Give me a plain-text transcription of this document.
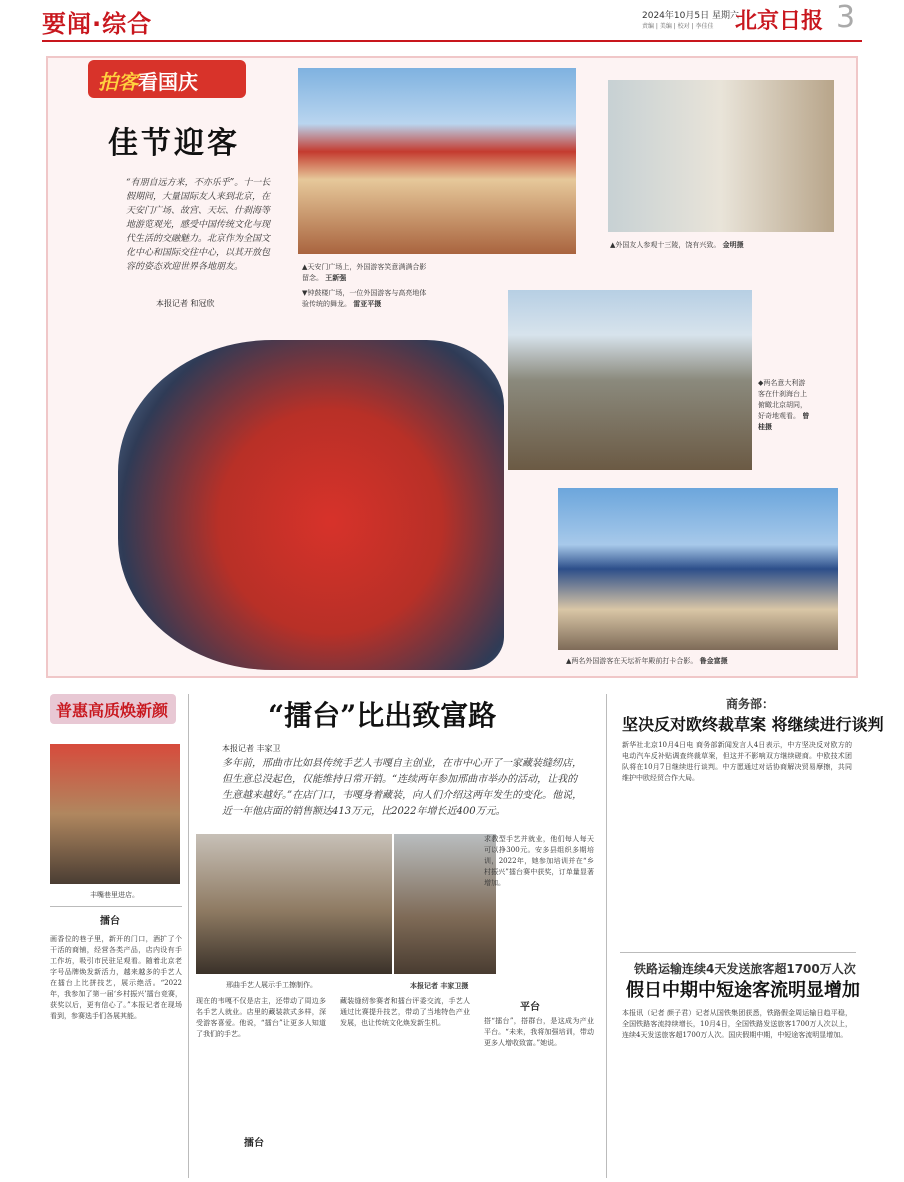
要闻·综合	2024年10月5日 星期六
责编 | 美编 | 校对 | 李佳佳 北京日报 3
拍客看国庆
佳节迎客
“有朋自远方来，不亦乐乎”。十一长假期间，大量国际友人来到北京，在天安门广场、故宫、天坛、什刹海等地游览观光，感受中国传统文化与现代生活的交融魅力。北京作为全国文化中心和国际交往中心，以其开放包容的姿态欢迎世界各地朋友。
本报记者 和冠欣
▲天安门广场上，外国游客笑意满满合影留念。 王新强
▼钟鼓楼广场，一位外国游客与高亮地体验传统的舞龙。 雷亚平摄
▲外国友人参观十三陵，饶有兴致。 金明摄
◆两名意大利游客在什刹海台上俯瞰北京胡同，好奇地观看。 曾桂摄
▲两名外国游客在天坛祈年殿前打卡合影。 鲁金富摄
普惠高质焕新颜
丰嘴巷里进店。
擂台
画香位的巷子里，新开的门口，酒扩了个干活的商铺，经营各类产品，店内设有手工作坊，吸引市民驻足观看。随着北京老字号品牌焕发新活力，越来越多的手艺人在擂台上比拼技艺，展示绝活。“2022年，我参加了第一届‘乡村振兴’擂台竞赛，获奖以后，更有信心了。”本报记者在现场看到，参赛选手们各展其能。
“擂台”比出致富路
本报记者 丰家卫
多年前，邢曲市比如县传统手艺人韦嘎自主创业，在市中心开了一家藏装缝纫店，但生意总没起色，仅能维持日常开销。“连续两年参加邢曲市举办的活动，让我的生意越来越好。”在店门口，韦嘎身着藏装，向人们介绍这两年发生的变化。他说，近一年他店面的销售额达413万元，比2022年增长近400万元。
邢曲手艺人展示手工擦制作。	本报记者 丰家卫摄
现在的韦嘎不仅是店主，还带动了周边多名手艺人就业。店里的藏装款式多样，深受游客喜爱。他说，“擂台”让更多人知道了我们的手艺。
藏装缝纫参赛者和擂台评委交流，手艺人通过比赛提升技艺，带动了当地特色产业发展，也让传统文化焕发新生机。
求教型手艺并就业，他们每人每天可以挣300元。安多县组织多期培训，2022年，她参加培训并在“乡村振兴”擂台赛中获奖，订单量显著增加。
擂台
平台
搭“擂台”，搭群台，是这成为产业平台。“未来，我将加强培训，带动更多人增收致富。”她说。
商务部：
坚决反对欧终裁草案 将继续进行谈判
新华社北京10月4日电 商务部新闻发言人4日表示，中方坚决反对欧方的电动汽车反补贴调查终裁草案，但这并不影响双方继续磋商。中欧技术团队将在10月7日继续进行谈判。中方愿通过对话协商解决贸易摩擦，共同维护中欧经贸合作大局。
铁路运输连续4天发送旅客超1700万人次
假日中期中短途客流明显增加
本报讯（记者 颜子君）记者从国铁集团获悉，铁路假金周运输日趋平稳，全国铁路客流持续增长，10月4日，全国铁路发送旅客1700万人次以上，连续4天发送旅客超1700万人次。国庆假期中期，中短途客流明显增加。
